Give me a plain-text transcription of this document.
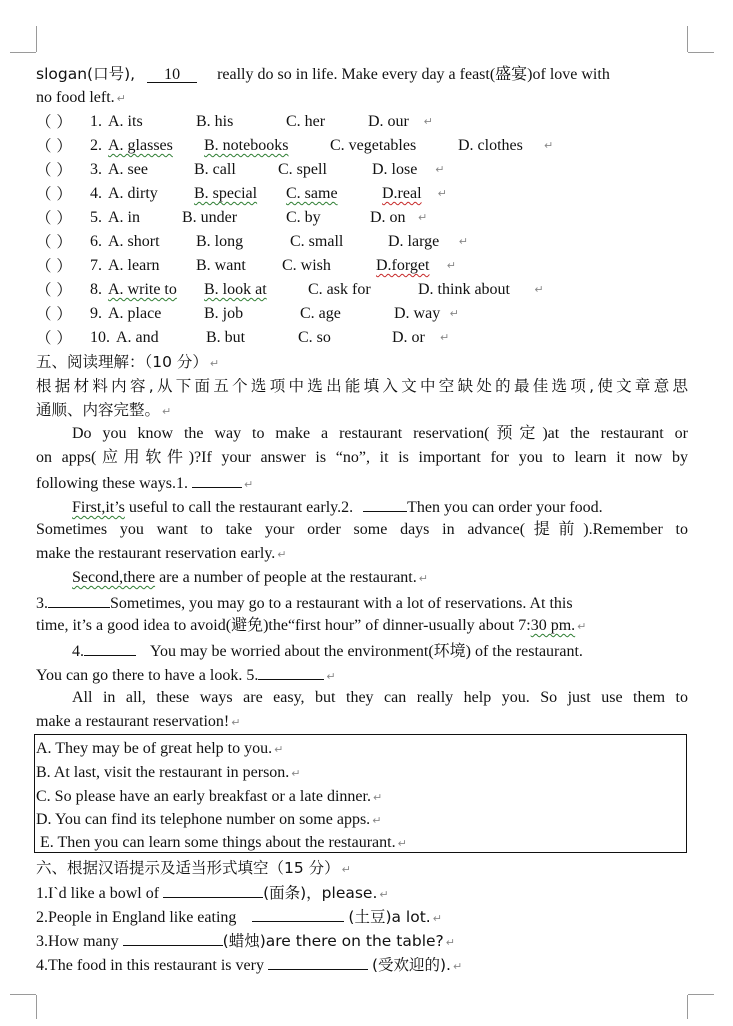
slogan(口号), 10 really do so in life. Make every day a feast(盛宴)of love with
no food left. ↵
（ ） 1. A. its	B. his	C. her	D. our ↵
（ ） 2. A. glasses B. notebooks	C. vegetables	D. clothes ↵
（ ） 3. A. see	B. call	C. spell	D. lose ↵
（ ） 4. A. dirty B. special C. same	D.real ↵
（ ） 5. A. in	B. under	C. by	D. on ↵
（ ） 6. A. short B. long	C. small	D. large ↵
（ ） 7. A. learn B. want C. wish	D.forget ↵
（ ） 8. A. write to B. look at	C. ask for	D. think about ↵
（ ） 9. A. place	B. job	C. age	D. way ↵
（ ） 10. A. and	B. but	C. so	D. or ↵
五、阅读理解：（10 分） ↵
根据材料内容,从下面五个选项中选出能填入文中空缺处的最佳选项,使文章意思
通顺、内容完整。 ↵
Do you know the way to make a restaurant reservation(预定)at the restaurant or
on apps(应用软件)?If your answer is “no”, it is important for you to learn it now by
following these ways.1.	↵
First,it’s useful to call the restaurant early.2.	Then you can order your food.
Sometimes you want to take your order some days in advance(提前).Remember to
make the restaurant reservation early. ↵
Second,there are a number of people at the restaurant. ↵
3.	Sometimes, you may go to a restaurant with a lot of reservations. At this
time, it’s a good idea to avoid(避免)the“first hour” of dinner-usually about 7:30 pm. ↵
4.	You may be worried about the environment(环境) of the restaurant.
You can go there to have a look. 5.	↵
All in all, these ways are easy, but they can really help you. So just use them to
make a restaurant reservation! ↵
六、根据汉语提示及适当形式填空（15 分） ↵
1.I`d like a bowl of	(面条)，please. ↵
2.People in England like eating	(土豆)a lot. ↵
3.How many	(蜡烛)are there on the table? ↵
4.The food in this restaurant is very	(受欢迎的). ↵
A. They may be of great help to you. ↵
B. At last, visit the restaurant in person. ↵
C. So please have an early breakfast or a late dinner. ↵
D. You can find its telephone number on some apps. ↵
E. Then you can learn some things about the restaurant. ↵
